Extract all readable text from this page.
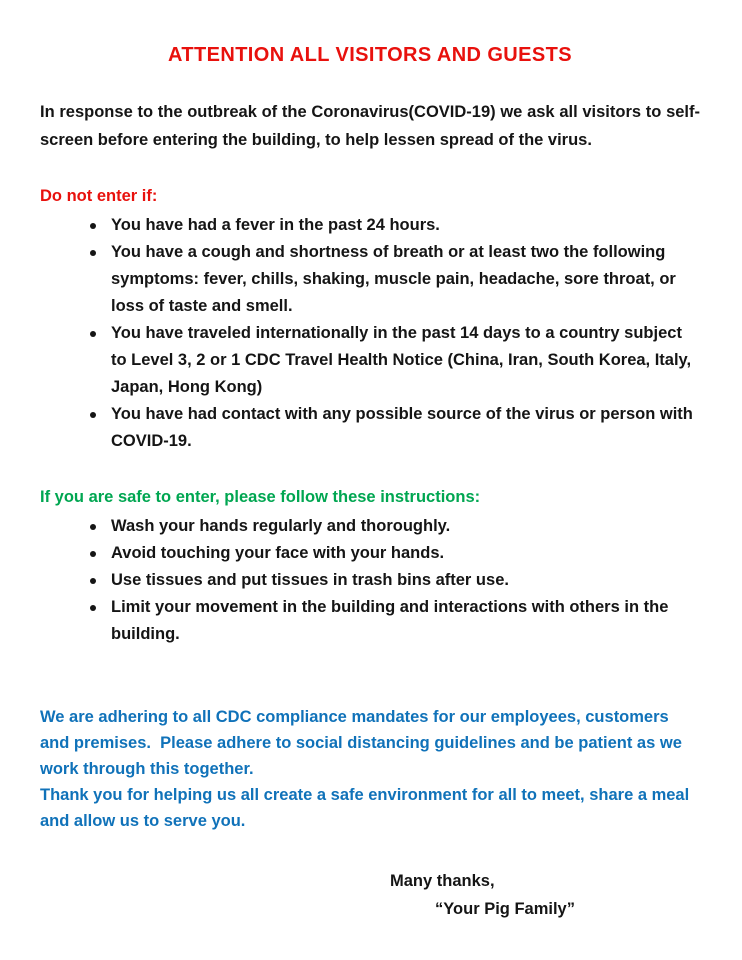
ATTENTION ALL VISITORS AND GUESTS

In response to the outbreak of the Coronavirus(COVID-19) we ask all visitors to self-screen before entering the building, to help lessen spread of the virus.

Do not enter if:
You have had a fever in the past 24 hours.
You have a cough and shortness of breath or at least two the following symptoms: fever, chills, shaking, muscle pain, headache, sore throat, or loss of taste and smell.
You have traveled internationally in the past 14 days to a country subject to Level 3, 2 or 1 CDC Travel Health Notice (China, Iran, South Korea, Italy, Japan, Hong Kong)
You have had contact with any possible source of the virus or person with COVID-19.
If you are safe to enter, please follow these instructions:
Wash your hands regularly and thoroughly.
Avoid touching your face with your hands.
Use tissues and put tissues in trash bins after use.
Limit your movement in the building and interactions with others in the building.

We are adhering to all CDC compliance mandates for our employees, customers and premises.  Please adhere to social distancing guidelines and be patient as we work through this together.

Thank you for helping us all create a safe environment for all to meet, share a meal and allow us to serve you.

Many thanks,
“Your Pig Family”
